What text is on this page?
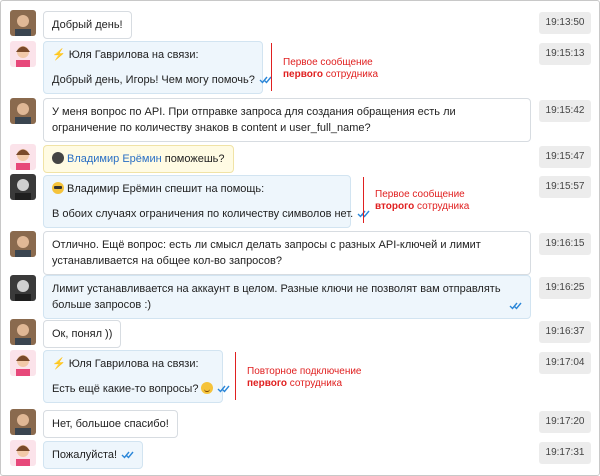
Добрый день!	19:13:50
⚡ Юля Гаврилова на связи:
Добрый день, Игорь! Чем могу помочь?
19:15:13
Первое сообщение
первого сотрудника
У меня вопрос по API. При отправке запроса для создания обращения есть ли ограничение по количеству знаков в content и user_full_name?
19:15:42
Владимир Ерёмин поможешь?	19:15:47
Владимир Ерёмин спешит на помощь:
В обоих случаях ограничения по количеству символов нет.
19:15:57
Первое сообщение
второго сотрудника
Отлично. Ещё вопрос: есть ли смысл делать запросы с разных API-ключей и лимит устанавливается на общее кол-во запросов?
19:16:15
Лимит устанавливается на аккаунт в целом. Разные ключи не позволят вам отправлять больше запросов :)
19:16:25
Ок, понял ))	19:16:37
⚡ Юля Гаврилова на связи:
Есть ещё какие-то вопросы?
19:17:04
Повторное подключение
первого сотрудника
Нет, большое спасибо!	19:17:20
Пожалуйста!	19:17:31
